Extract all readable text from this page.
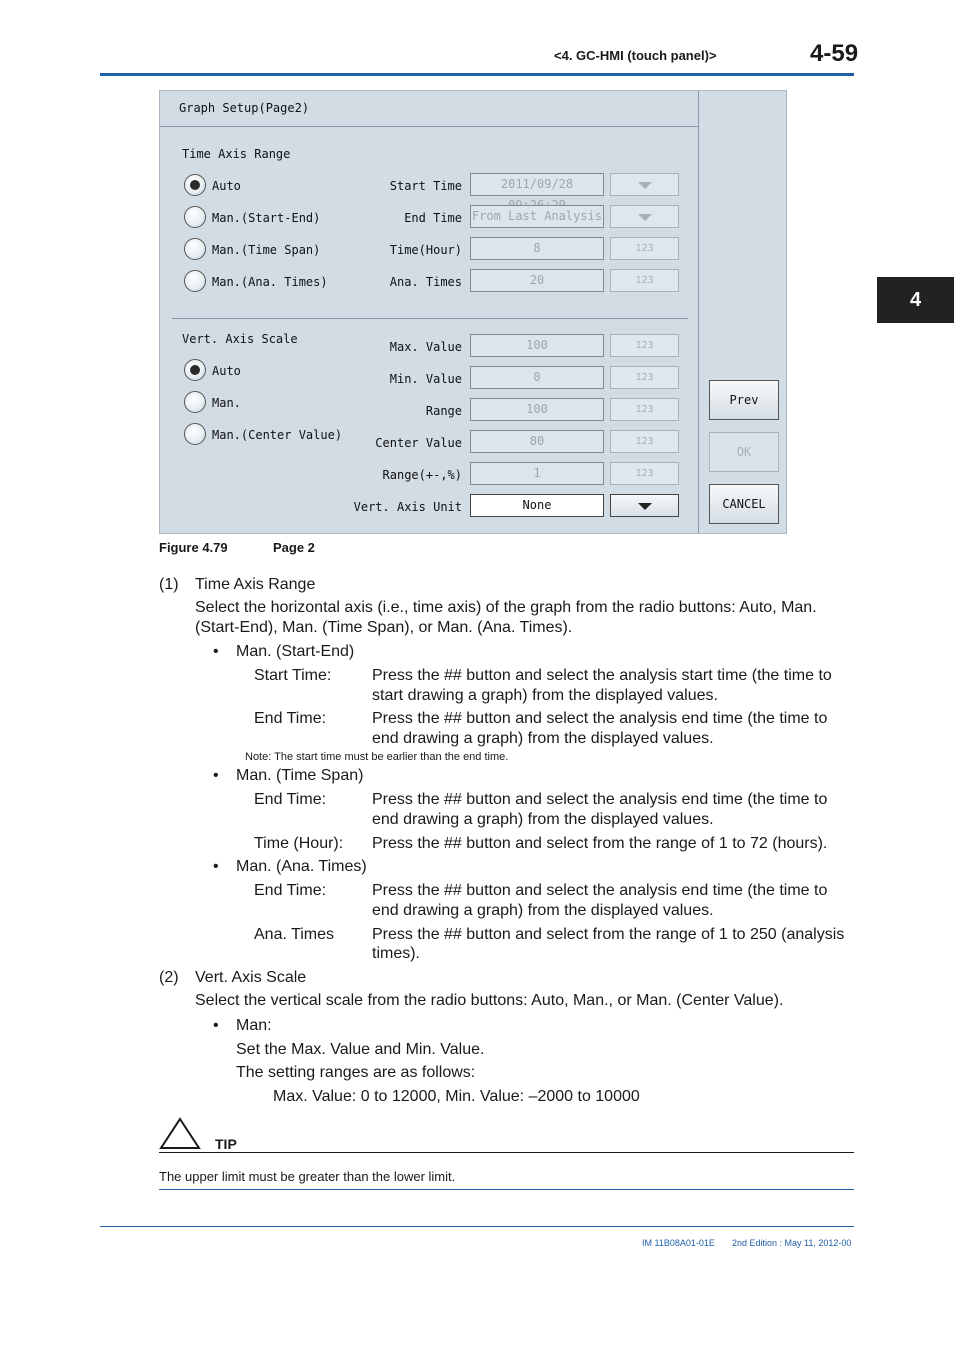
<4. GC-HMI (touch panel)>	4-59
4
Graph Setup(Page2)
Time Axis Range
Auto
Man.(Start-End)
Man.(Time Span)
Man.(Ana. Times)
Start Time	2011/09/28
End Time From Last Analysis
Time(Hour)	8	123
Ana. Times	20	123
Vert. Axis Scale
Auto
Man.
Man.(Center Value)
Max. Value	100	123
Min. Value	0	123
Range	100	123
Center Value	80	123
Range(+-,%)	1	123
Vert. Axis Unit	None
Prev
OK
CANCEL
Figure 4.79	Page 2
(1) Time Axis Range
Select the horizontal axis (i.e., time axis) of the graph from the radio buttons: Auto, Man.
(Start-End), Man. (Time Span), or Man. (Ana. Times).
• Man. (Start-End)
Start Time:	Press the ## button and select the analysis start time (the time to
start drawing a graph) from the displayed values.
End Time:	Press the ## button and select the analysis end time (the time to
end drawing a graph) from the displayed values.
Note: The start time must be earlier than the end time.
• Man. (Time Span)
End Time:	Press the ## button and select the analysis end time (the time to
end drawing a graph) from the displayed values.
Time (Hour): Press the ## button and select from the range of 1 to 72 (hours).
• Man. (Ana. Times)
End Time:	Press the ## button and select the analysis end time (the time to
end drawing a graph) from the displayed values.
Ana. Times Press the ## button and select from the range of 1 to 250 (analysis
times).
(2) Vert. Axis Scale
Select the vertical scale from the radio buttons: Auto, Man., or Man. (Center Value).
• Man:
Set the Max. Value and Min. Value.
The setting ranges are as follows:
Max. Value: 0 to 12000, Min. Value: –2000 to 10000
TIP
The upper limit must be greater than the lower limit.
IM 11B08A01-01E 2nd Edition : May 11, 2012-00
